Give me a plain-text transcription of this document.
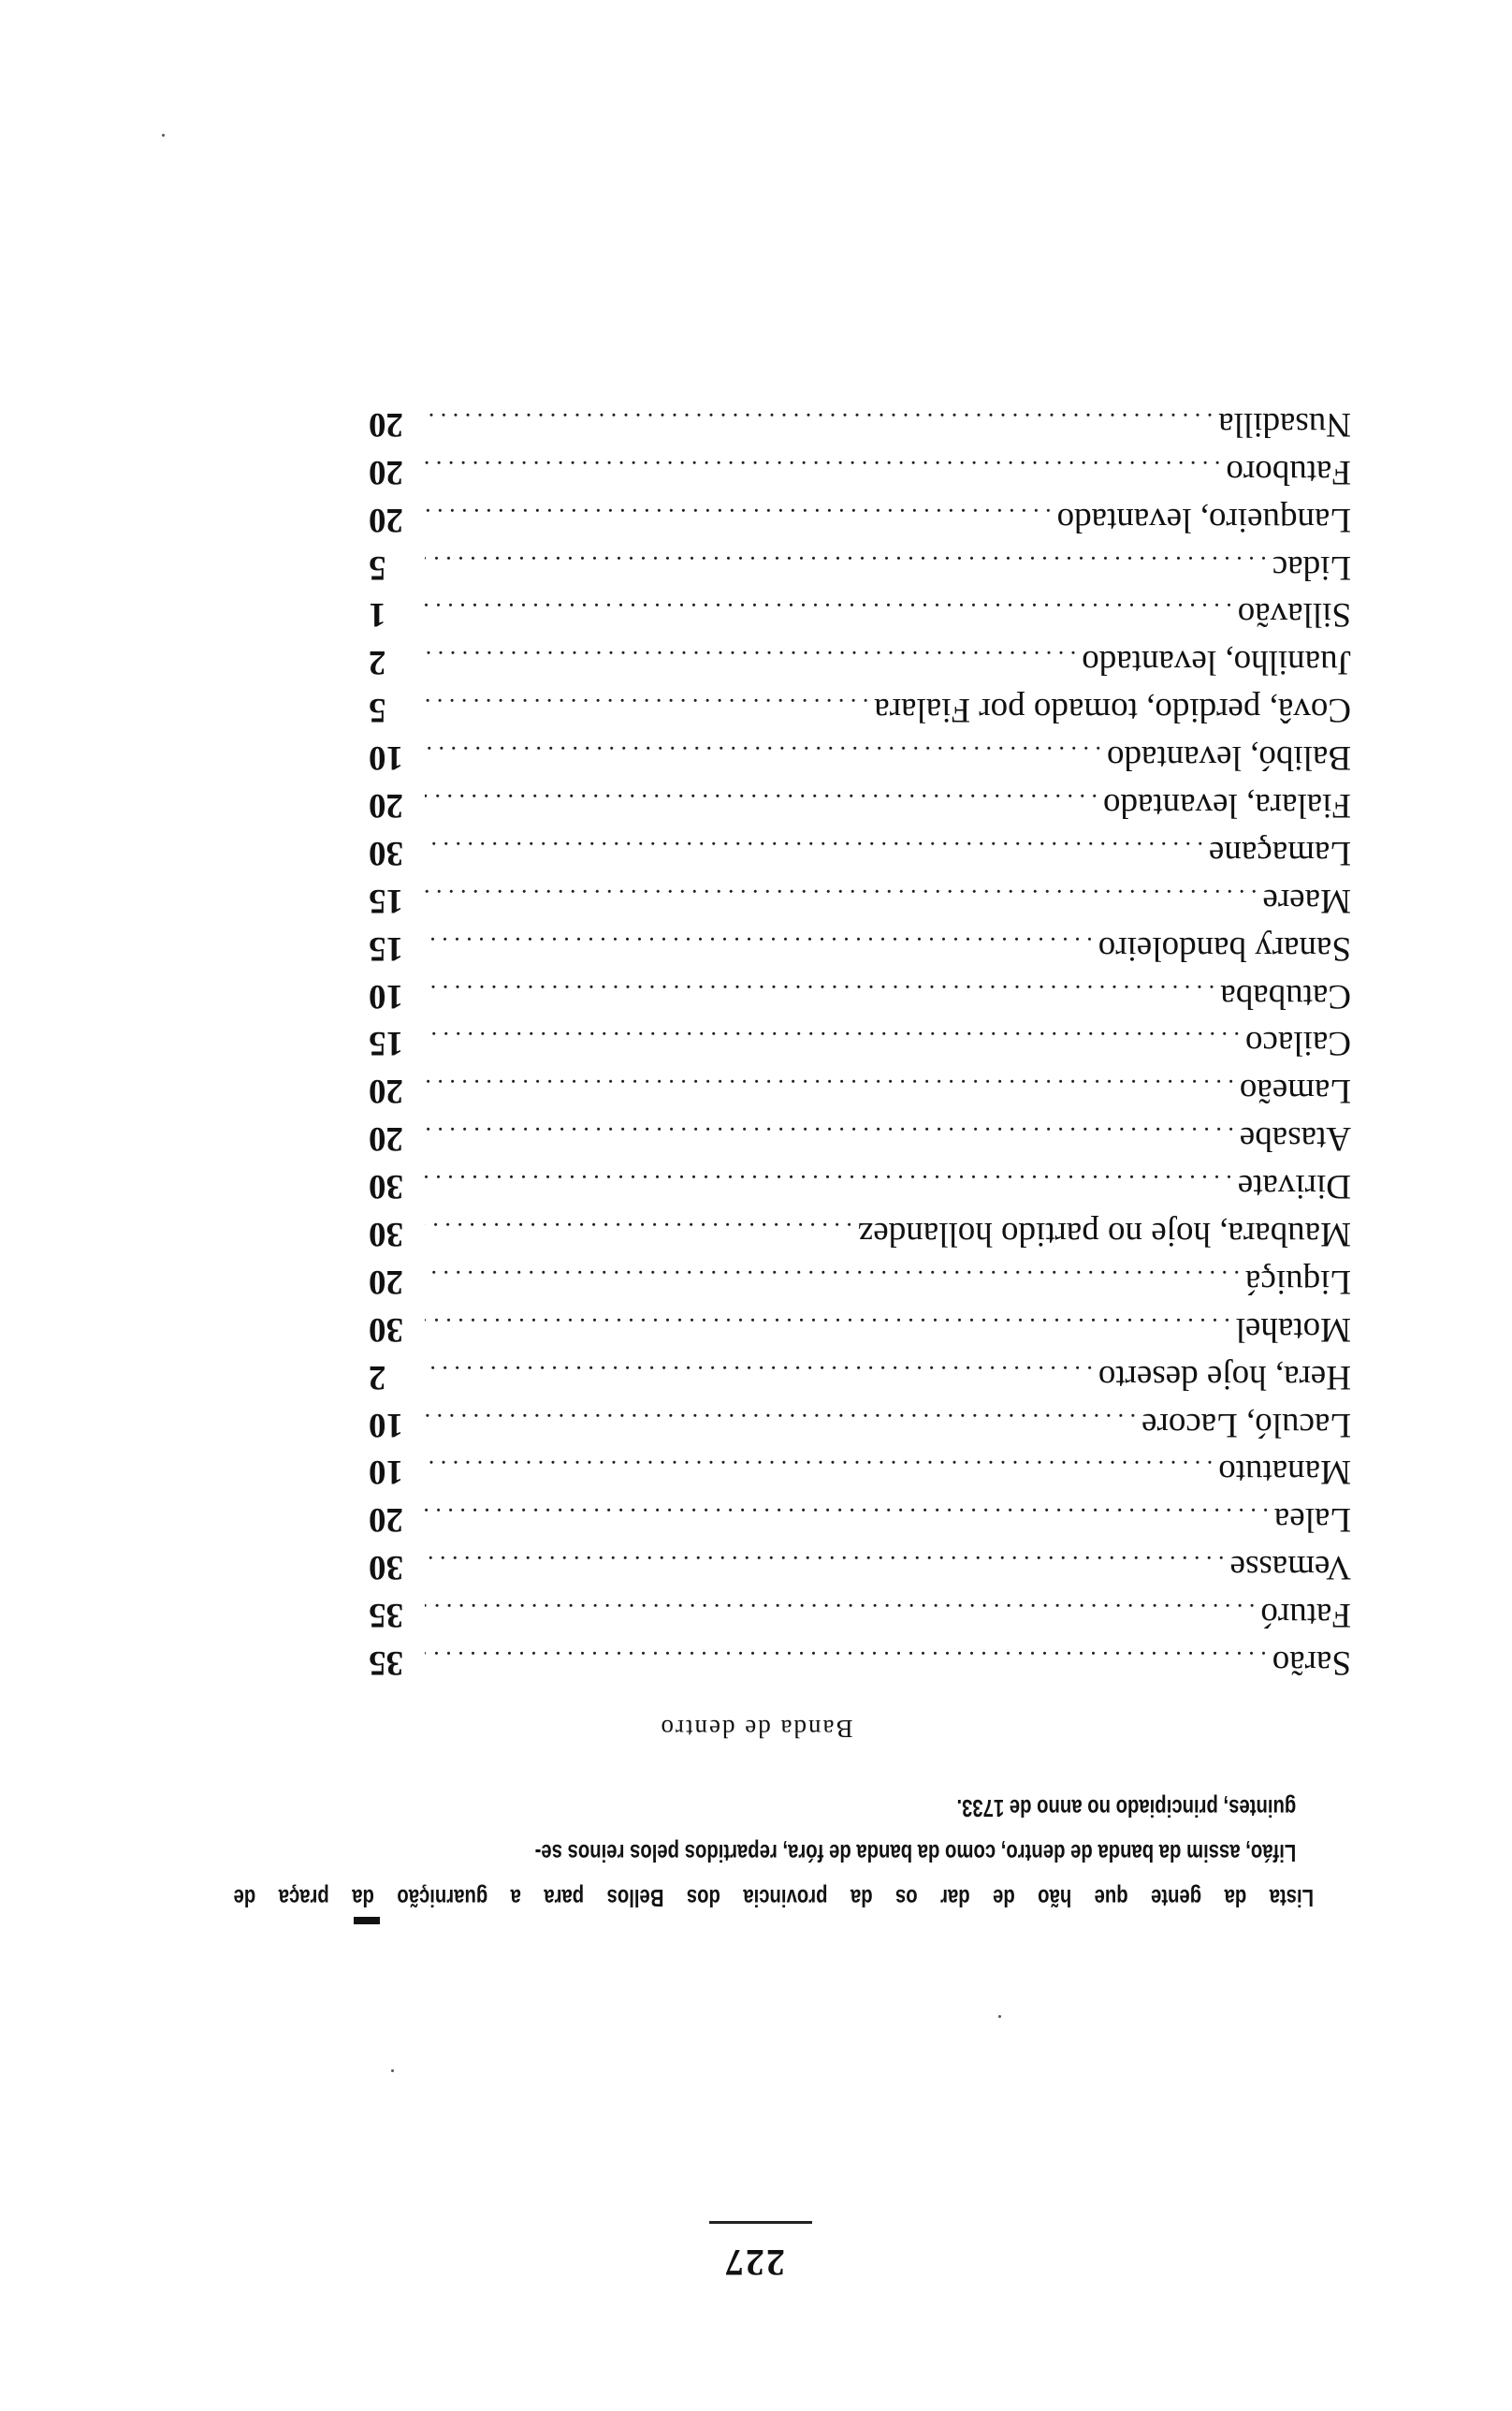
227

Lista da gente que hão de dar os da provincia dos Bellos para a guarnição da praça de

Lifáo, assim da banda de dentro, como da banda de fóra, repartidos pelos reinos se-

guintes, principiado no anno de 1733.

Banda de dentro
Sarão
. . .
35
Faturó
. . .
35
Vemasse
. . .
30
Lalea
. . .
20
Manatuto
. . .
10
Laculó, Lacore
. . .
10
Hera, hoje deserto
. . .
2
Motahel
. . .
30
Liquiçá
. . .
20
Maubara, hoje no partido hollandez
. . .
30
Dirivate
. . .
30
Atasabe
. . .
20
Lameão
. . .
20
Cailaco
. . .
15
Catubaba
. . .
10
Sanary bandoleiro
. . .
15
Maere
. . .
15
Lamaçane
. . .
30
Fialara, levantado
. . .
20
Balibó, levantado
. . .
10
Covâ, perdido, tomado por Fialara
. . .
5
Juanilho, levantado
. . .
2
Sillavão
. . .
1
Lidac
. . .
5
Lanqueiro, levantado
. . .
20
Fatuboro
. . .
20
Nusadilla
. . .
20
